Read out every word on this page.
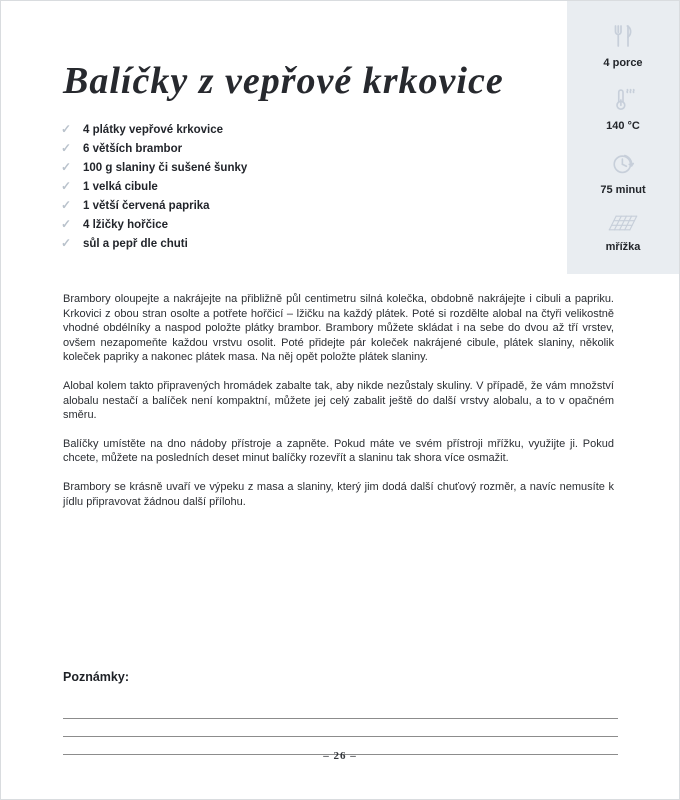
4 porce
140 °C
75 minut
mřížka
Balíčky z vepřové krkovice
✓	4 plátky vepřové krkovice
✓	6 větších brambor
✓	100 g slaniny či sušené šunky
✓	1 velká cibule
✓	1 větší červená paprika
✓	4 lžičky hořčice
✓	sůl a pepř dle chuti

Brambory oloupejte a nakrájejte na přibližně půl centimetru silná kolečka, obdobně nakrájejte i cibuli a papriku. Krkovici z obou stran osolte a potřete hořčicí – lžičku na každý plátek. Poté si rozdělte alobal na čtyři velikostně vhodné obdélníky a naspod položte plátky brambor. Brambory můžete skládat i na sebe do dvou až tří vrstev, ovšem nezapomeňte každou vrstvu osolit. Poté přidejte pár koleček nakrájené cibule, plátek slaniny, několik koleček papriky a nakonec plátek masa. Na něj opět položte plátek slaniny.

Alobal kolem takto připravených hromádek zabalte tak, aby nikde nezůstaly skuliny. V případě, že vám množství alobalu nestačí a balíček není kompaktní, můžete jej celý zabalit ještě do další vrstvy alobalu, a to v opačném směru.

Balíčky umístěte na dno nádoby přístroje a zapněte. Pokud máte ve svém přístroji mřížku, využijte ji. Pokud chcete, můžete na posledních deset minut balíčky rozevřít a slaninu tak shora více osmažit.

Brambory se krásně uvaří ve výpeku z masa a slaniny, který jim dodá další chuťový rozměr, a navíc nemusíte k jídlu připravovat žádnou další přílohu.

Poznámky:
– 26 –
